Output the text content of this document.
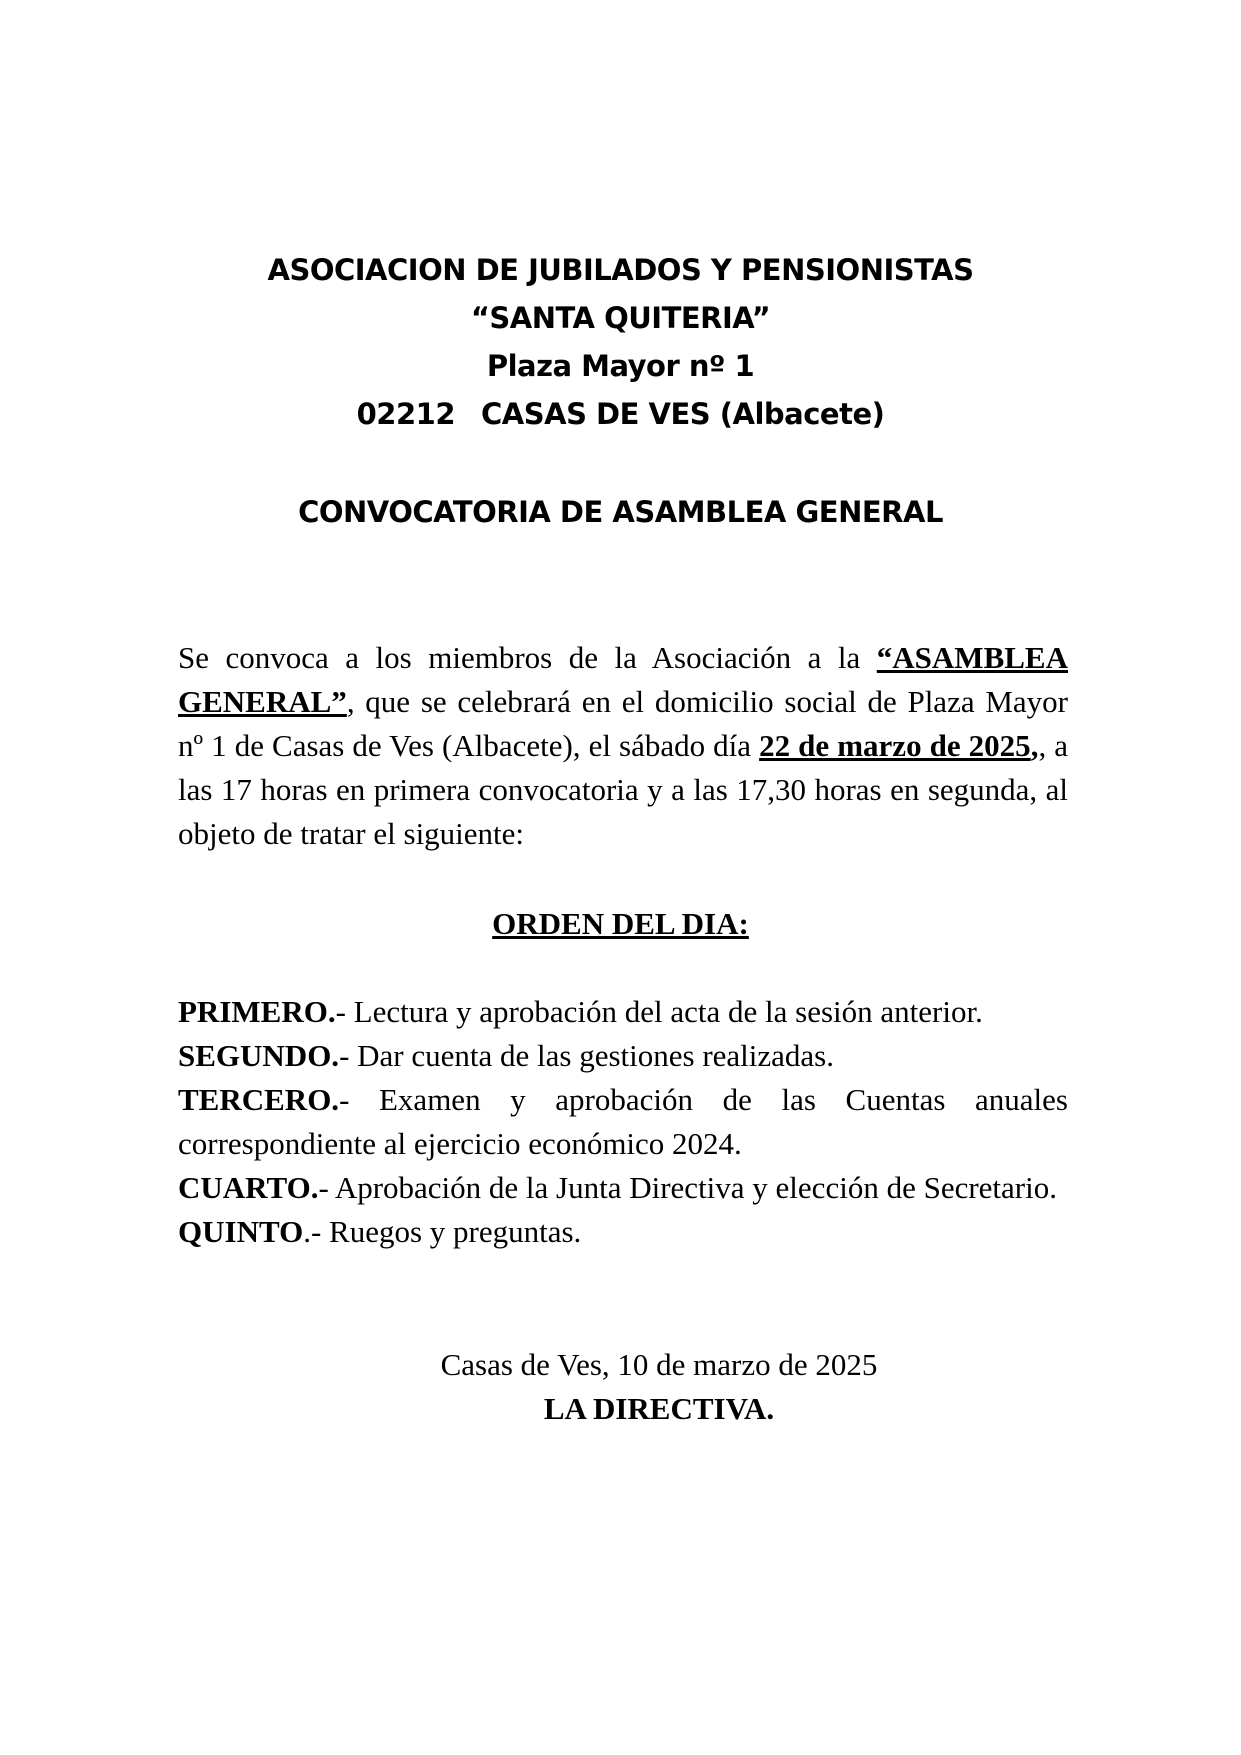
ASOCIACION DE JUBILADOS Y PENSIONISTAS
“SANTA QUITERIA”
Plaza Mayor nº 1
02212 CASAS DE VES (Albacete)
CONVOCATORIA DE ASAMBLEA GENERAL
Se convoca a los miembros de la Asociación a la “ASAMBLEA GENERAL”, que se celebrará en el domicilio social de Plaza Mayor nº 1 de Casas de Ves (Albacete), el sábado día 22 de marzo de 2025,, a las 17 horas en primera convocatoria y a las 17,30 horas en segunda, al objeto de tratar el siguiente:
ORDEN DEL DIA:
PRIMERO.- Lectura y aprobación del acta de la sesión anterior.
SEGUNDO.- Dar cuenta de las gestiones realizadas.
TERCERO.- Examen y aprobación de las Cuentas anuales correspondiente al ejercicio económico 2024.
CUARTO.- Aprobación de la Junta Directiva y elección de Secretario.
QUINTO.- Ruegos y preguntas.
Casas de Ves, 10 de marzo de 2025
LA DIRECTIVA.
